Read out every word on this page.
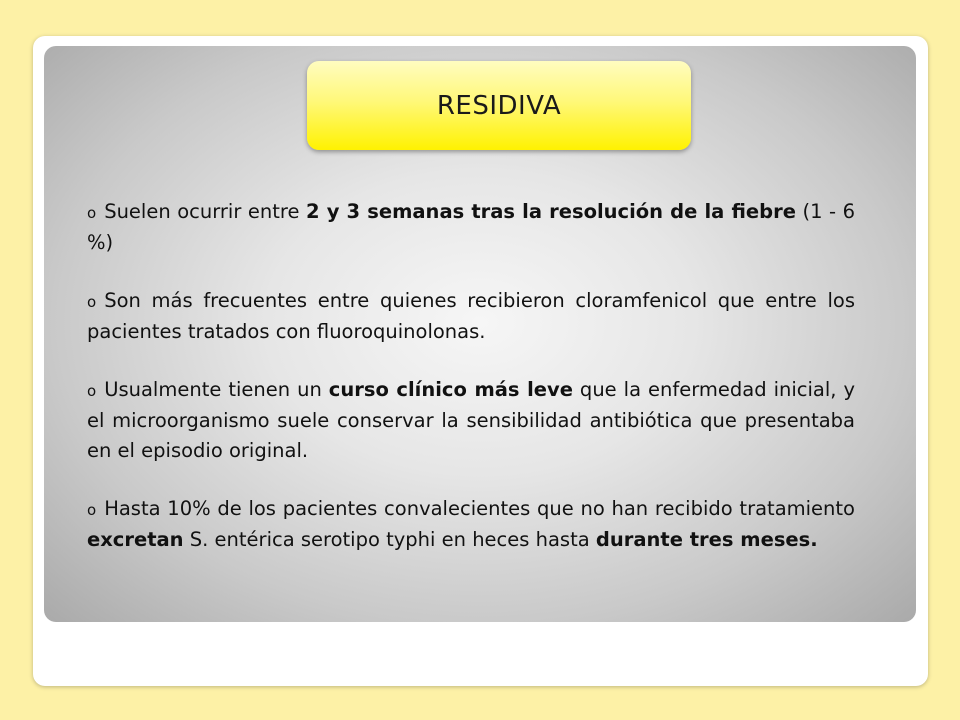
RESIDIVA

o Suelen ocurrir entre 2 y 3 semanas tras la resolución de la fiebre (1 - 6 %)

o Son más frecuentes entre quienes recibieron cloramfenicol que entre los pacientes tratados con fluoroquinolonas.

o Usualmente tienen un curso clínico más leve que la enfermedad inicial, y el microorganismo suele conservar la sensibilidad antibiótica que presentaba en el episodio original.

o Hasta 10% de los pacientes convalecientes que no han recibido tratamiento excretan S. entérica serotipo typhi en heces hasta durante tres meses.
